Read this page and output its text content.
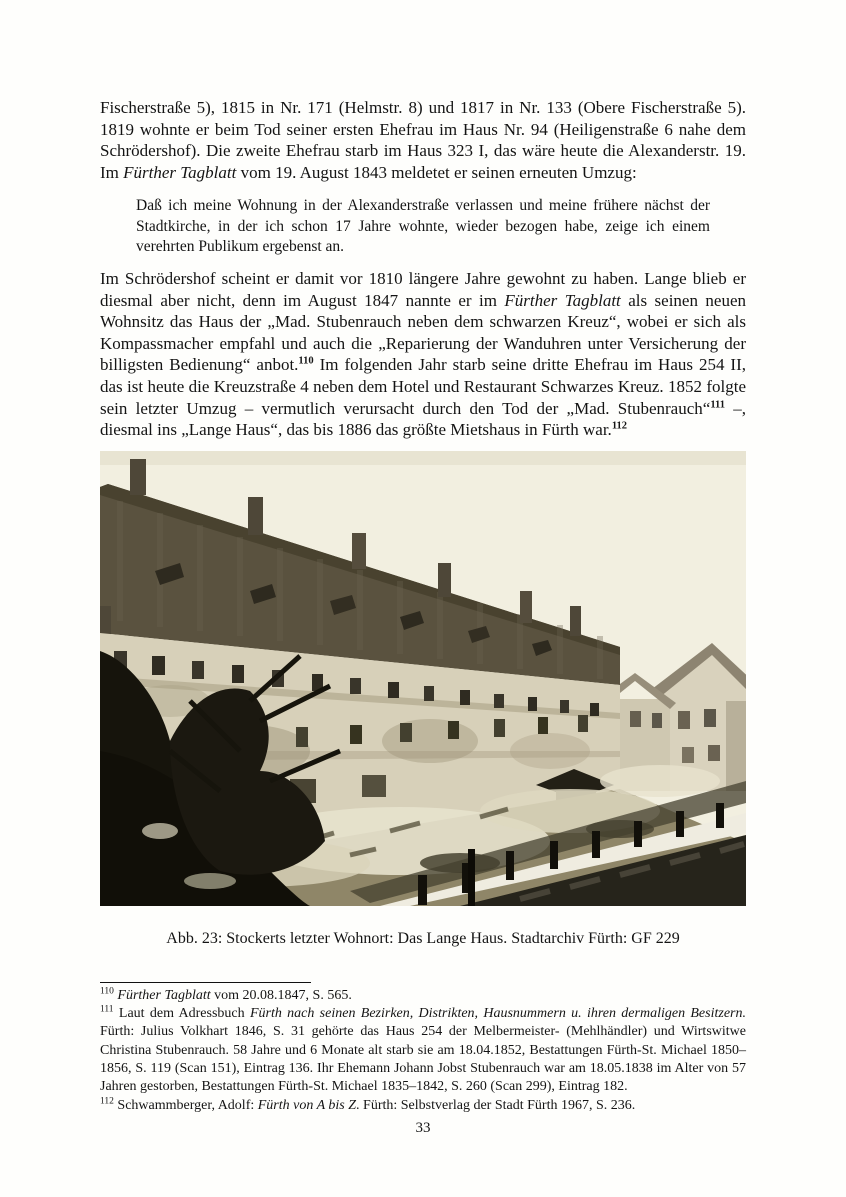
Fischerstraße 5), 1815 in Nr. 171 (Helmstr. 8) und 1817 in Nr. 133 (Obere Fischerstraße 5). 1819 wohnte er beim Tod seiner ersten Ehefrau im Haus Nr. 94 (Heiligenstraße 6 nahe dem Schrödershof). Die zweite Ehefrau starb im Haus 323 I, das wäre heute die Alexanderstr. 19. Im Fürther Tagblatt vom 19. August 1843 meldetet er seinen erneuten Umzug:

Daß ich meine Wohnung in der Alexanderstraße verlassen und meine frühere nächst der Stadtkirche, in der ich schon 17 Jahre wohnte, wieder bezogen habe, zeige ich einem verehrten Publikum ergebenst an.

Im Schrödershof scheint er damit vor 1810 längere Jahre gewohnt zu haben. Lange blieb er diesmal aber nicht, denn im August 1847 nannte er im Fürther Tagblatt als seinen neuen Wohnsitz das Haus der „Mad. Stubenrauch neben dem schwarzen Kreuz“, wobei er sich als Kompassmacher empfahl und auch die „Reparierung der Wanduhren unter Versicherung der billigsten Bedienung“ anbot.$^{110}$ Im folgenden Jahr starb seine dritte Ehefrau im Haus 254 II, das ist heute die Kreuzstraße 4 neben dem Hotel und Restaurant Schwarzes Kreuz. 1852 folgte sein letzter Umzug – vermutlich verursacht durch den Tod der „Mad. Stubenrauch“$^{111}$ –, diesmal ins „Lange Haus“, das bis 1886 das größte Mietshaus in Fürth war.$^{112}$

Abb. 23: Stockerts letzter Wohnort: Das Lange Haus. Stadtarchiv Fürth: GF 229

$^{110}$ Fürther Tagblatt vom 20.08.1847, S. 565.

$^{111}$ Laut dem Adressbuch Fürth nach seinen Bezirken, Distrikten, Hausnummern u. ihren dermaligen Besitzern. Fürth: Julius Volkhart 1846, S. 31 gehörte das Haus 254 der Melbermeister- (Mehlhändler) und Wirtswitwe Christina Stubenrauch. 58 Jahre und 6 Monate alt starb sie am 18.04.1852, Bestattungen Fürth-St. Michael 1850–1856, S. 119 (Scan 151), Eintrag 136. Ihr Ehemann Johann Jobst Stubenrauch war am 18.05.1838 im Alter von 57 Jahren gestorben, Bestattungen Fürth-St. Michael 1835–1842, S. 260 (Scan 299), Eintrag 182.

$^{112}$ Schwammberger, Adolf: Fürth von A bis Z. Fürth: Selbstverlag der Stadt Fürth 1967, S. 236.

33
